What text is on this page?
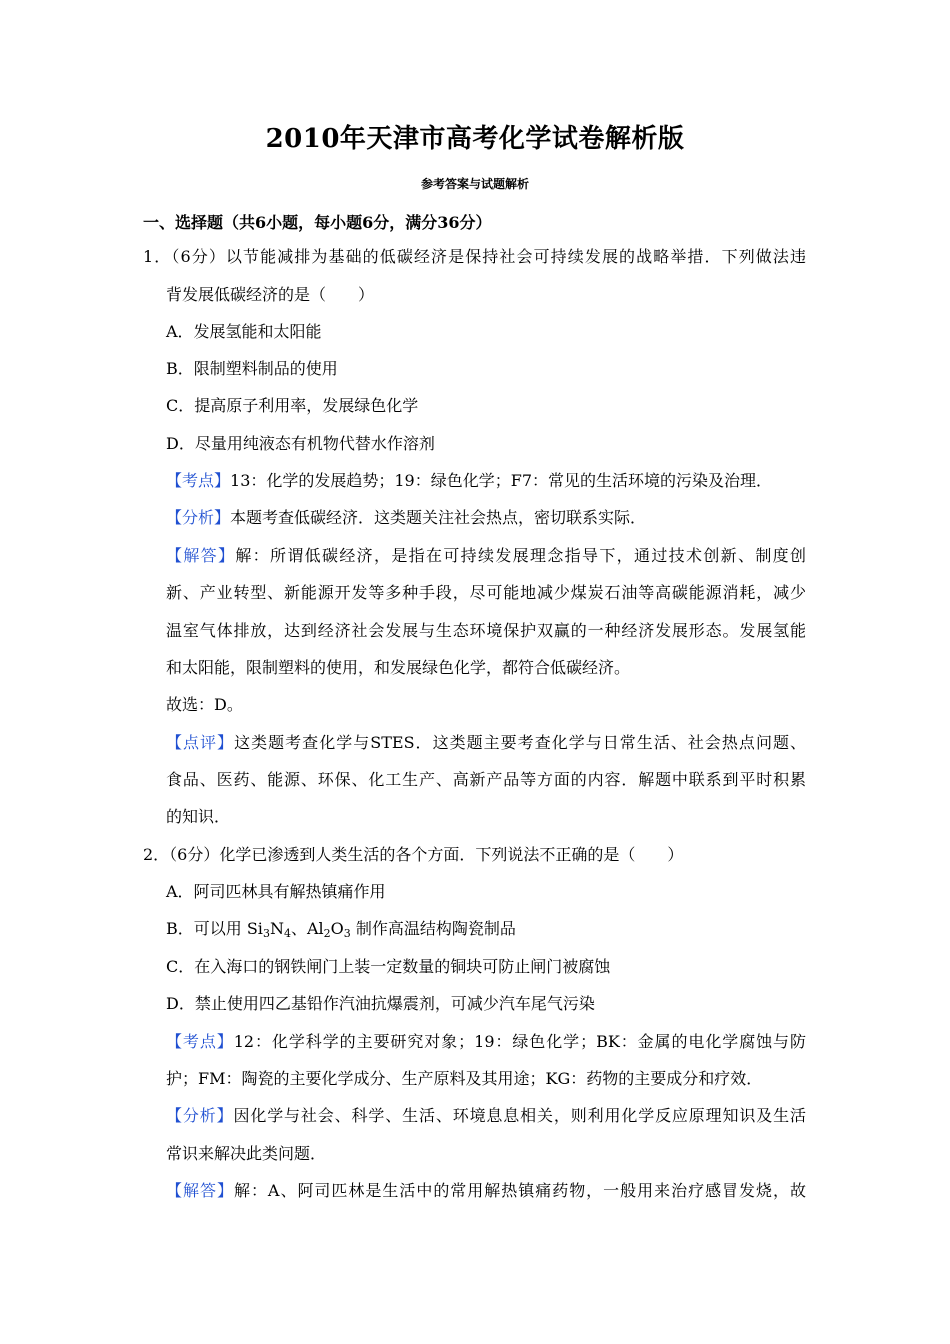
2010年天津市高考化学试卷解析版
参考答案与试题解析
一、选择题（共6小题，每小题6分，满分36分）
1．（6分）以节能减排为基础的低碳经济是保持社会可持续发展的战略举措．下列做法违
背发展低碳经济的是（　　）
A．发展氢能和太阳能
B．限制塑料制品的使用
C．提高原子利用率，发展绿色化学
D．尽量用纯液态有机物代替水作溶剂
【考点】13：化学的发展趋势；19：绿色化学；F7：常见的生活环境的污染及治理．
【分析】本题考查低碳经济．这类题关注社会热点，密切联系实际．
【解答】解：所谓低碳经济，是指在可持续发展理念指导下，通过技术创新、制度创
新、产业转型、新能源开发等多种手段，尽可能地减少煤炭石油等高碳能源消耗，减少
温室气体排放，达到经济社会发展与生态环境保护双赢的一种经济发展形态。发展氢能
和太阳能，限制塑料的使用，和发展绿色化学，都符合低碳经济。
故选：D。
【点评】这类题考查化学与STES．这类题主要考查化学与日常生活、社会热点问题、
食品、医药、能源、环保、化工生产、高新产品等方面的内容．解题中联系到平时积累
的知识．
2．（6分）化学已渗透到人类生活的各个方面．下列说法不正确的是（　　）
A．阿司匹林具有解热镇痛作用
B．可以用 $Si_3N_4$、$Al_2O_3$ 制作高温结构陶瓷制品
C．在入海口的钢铁闸门上装一定数量的铜块可防止闸门被腐蚀
D．禁止使用四乙基铅作汽油抗爆震剂，可减少汽车尾气污染
【考点】12：化学科学的主要研究对象；19：绿色化学；BK：金属的电化学腐蚀与防
护；FM：陶瓷的主要化学成分、生产原料及其用途；KG：药物的主要成分和疗效．
【分析】因化学与社会、科学、生活、环境息息相关，则利用化学反应原理知识及生活
常识来解决此类问题．
【解答】解：A、阿司匹林是生活中的常用解热镇痛药物，一般用来治疗感冒发烧，故
